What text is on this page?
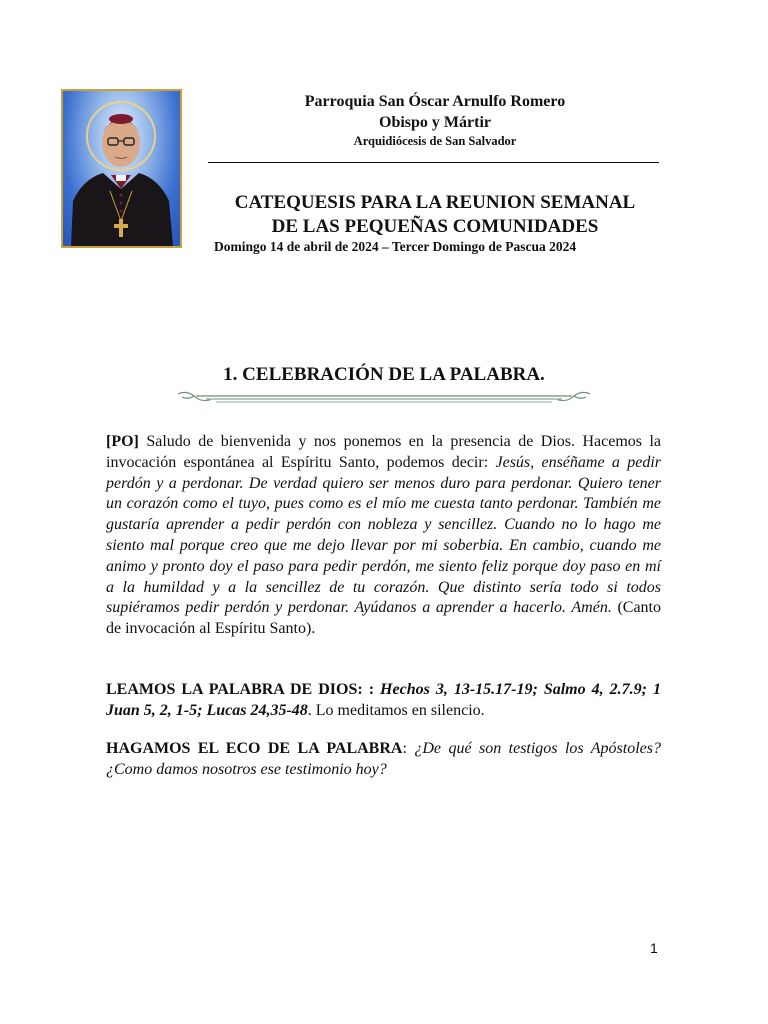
Parroquia San Óscar Arnulfo Romero
Obispo y Mártir
Arquidiócesis de San Salvador
CATEQUESIS PARA LA REUNION SEMANAL
DE LAS PEQUEÑAS COMUNIDADES
Domingo 14 de abril de 2024 – Tercer Domingo de Pascua 2024
1. CELEBRACIÓN DE LA PALABRA.

[PO] Saludo de bienvenida y nos ponemos en la presencia de Dios. Hacemos la invocación espontánea al Espíritu Santo, podemos decir: Jesús, enséñame a pedir perdón y a perdonar. De verdad quiero ser menos duro para perdonar. Quiero tener un corazón como el tuyo, pues como es el mío me cuesta tanto perdonar. También me gustaría aprender a pedir perdón con nobleza y sencillez. Cuando no lo hago me siento mal porque creo que me dejo llevar por mi soberbia. En cambio, cuando me animo y pronto doy el paso para pedir perdón, me siento feliz porque doy paso en mí a la humildad y a la sencillez de tu corazón. Que distinto sería todo si todos supiéramos pedir perdón y perdonar. Ayúdanos a aprender a hacerlo. Amén. (Canto de invocación al Espíritu Santo).

LEAMOS LA PALABRA DE DIOS: : Hechos 3, 13-15.17-19; Salmo 4, 2.7.9; 1 Juan 5, 2, 1-5; Lucas 24,35-48. Lo meditamos en silencio.

HAGAMOS EL ECO DE LA PALABRA: ¿De qué son testigos los Apóstoles?¿Como damos nosotros ese testimonio hoy?

1
